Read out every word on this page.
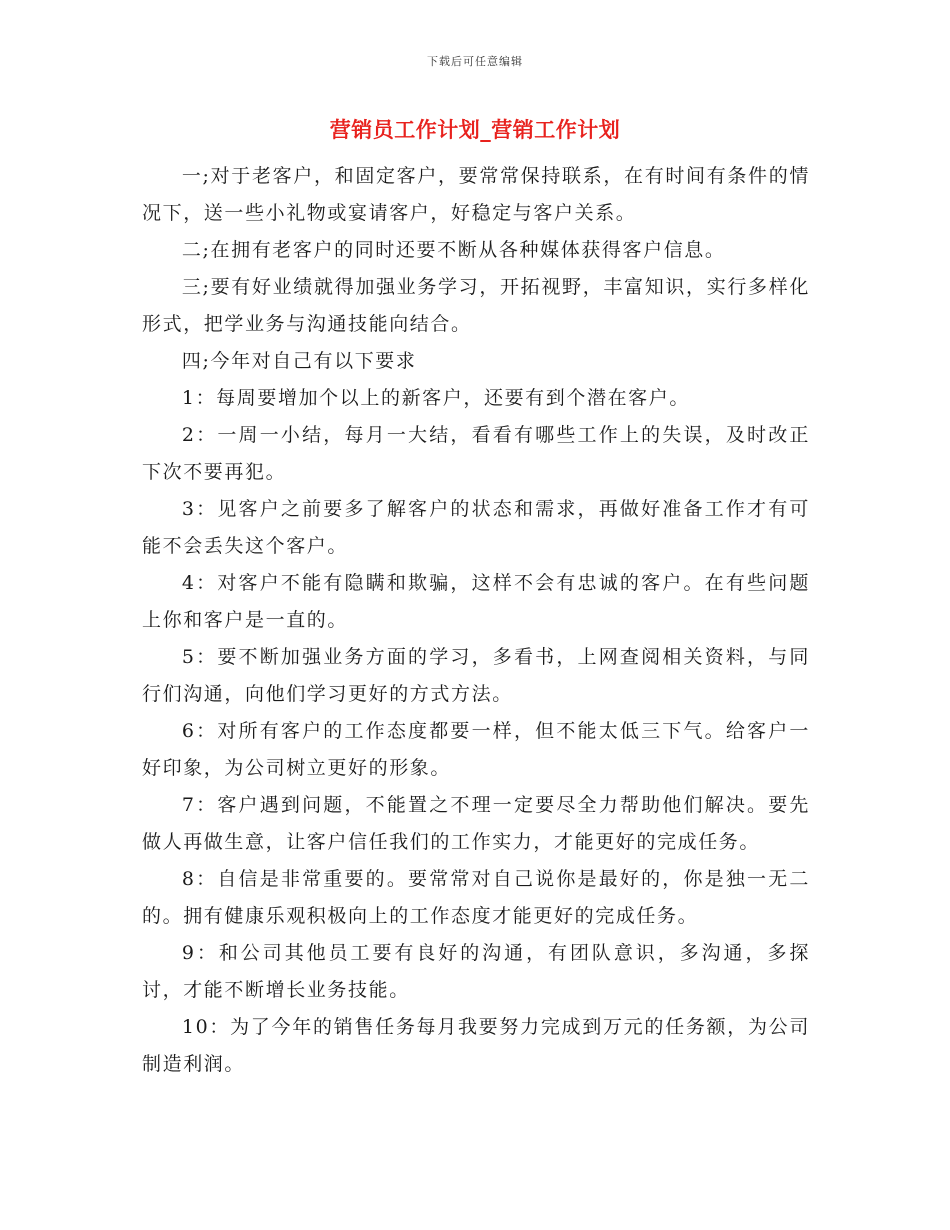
下载后可任意编辑
营销员工作计划_营销工作计划

一;对于老客户，和固定客户，要常常保持联系，在有时间有条件的情况下，送一些小礼物或宴请客户，好稳定与客户关系。

二;在拥有老客户的同时还要不断从各种媒体获得客户信息。

三;要有好业绩就得加强业务学习，开拓视野，丰富知识，实行多样化形式，把学业务与沟通技能向结合。

四;今年对自己有以下要求

1：每周要增加个以上的新客户，还要有到个潜在客户。

2：一周一小结，每月一大结，看看有哪些工作上的失误，及时改正下次不要再犯。

3：见客户之前要多了解客户的状态和需求，再做好准备工作才有可能不会丢失这个客户。

4：对客户不能有隐瞒和欺骗，这样不会有忠诚的客户。在有些问题上你和客户是一直的。

5：要不断加强业务方面的学习，多看书，上网查阅相关资料，与同行们沟通，向他们学习更好的方式方法。

6：对所有客户的工作态度都要一样，但不能太低三下气。给客户一好印象，为公司树立更好的形象。

7：客户遇到问题，不能置之不理一定要尽全力帮助他们解决。要先做人再做生意，让客户信任我们的工作实力，才能更好的完成任务。

8：自信是非常重要的。要常常对自己说你是最好的，你是独一无二的。拥有健康乐观积极向上的工作态度才能更好的完成任务。

9：和公司其他员工要有良好的沟通，有团队意识，多沟通，多探讨，才能不断增长业务技能。

10：为了今年的销售任务每月我要努力完成到万元的任务额，为公司制造利润。
